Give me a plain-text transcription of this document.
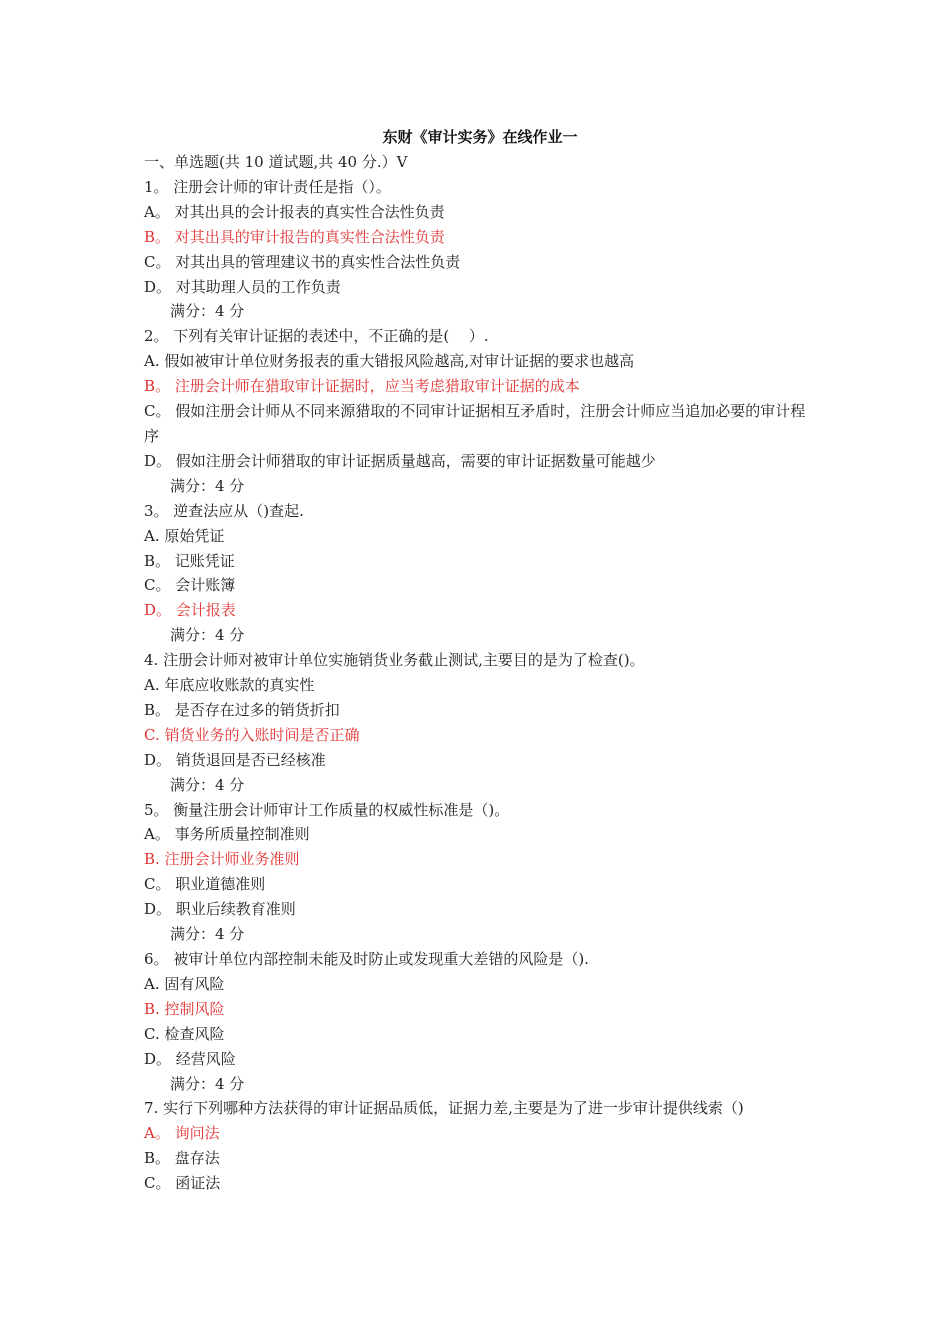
东财《审计实务》在线作业一
一、单选题(共 10 道试题,共 40 分.）V
1。 注册会计师的审计责任是指（）。
A。 对其出具的会计报表的真实性合法性负责
B。 对其出具的审计报告的真实性合法性负责
C。 对其出具的管理建议书的真实性合法性负责
D。 对其助理人员的工作负责
满分：4 分
2。 下列有关审计证据的表述中，不正确的是(　 ）.
A. 假如被审计单位财务报表的重大错报风险越高,对审计证据的要求也越高
B。 注册会计师在猎取审计证据时，应当考虑猎取审计证据的成本
C。 假如注册会计师从不同来源猎取的不同审计证据相互矛盾时，注册会计师应当追加必要的审计程序
D。 假如注册会计师猎取的审计证据质量越高，需要的审计证据数量可能越少
满分：4 分
3。 逆查法应从（)查起.
A. 原始凭证
B。 记账凭证
C。 会计账簿
D。 会计报表
满分：4 分
4. 注册会计师对被审计单位实施销货业务截止测试,主要目的是为了检查()。
A. 年底应收账款的真实性
B。 是否存在过多的销货折扣
C. 销货业务的入账时间是否正确
D。 销货退回是否已经核准
满分：4 分
5。 衡量注册会计师审计工作质量的权威性标准是（)。
A。 事务所质量控制准则
B. 注册会计师业务准则
C。 职业道德准则
D。 职业后续教育准则
满分：4 分
6。 被审计单位内部控制未能及时防止或发现重大差错的风险是（).
A. 固有风险
B. 控制风险
C. 检查风险
D。 经营风险
满分：4 分
7. 实行下列哪种方法获得的审计证据品质低，证据力差,主要是为了进一步审计提供线索（)
A。 询问法
B。 盘存法
C。 函证法
